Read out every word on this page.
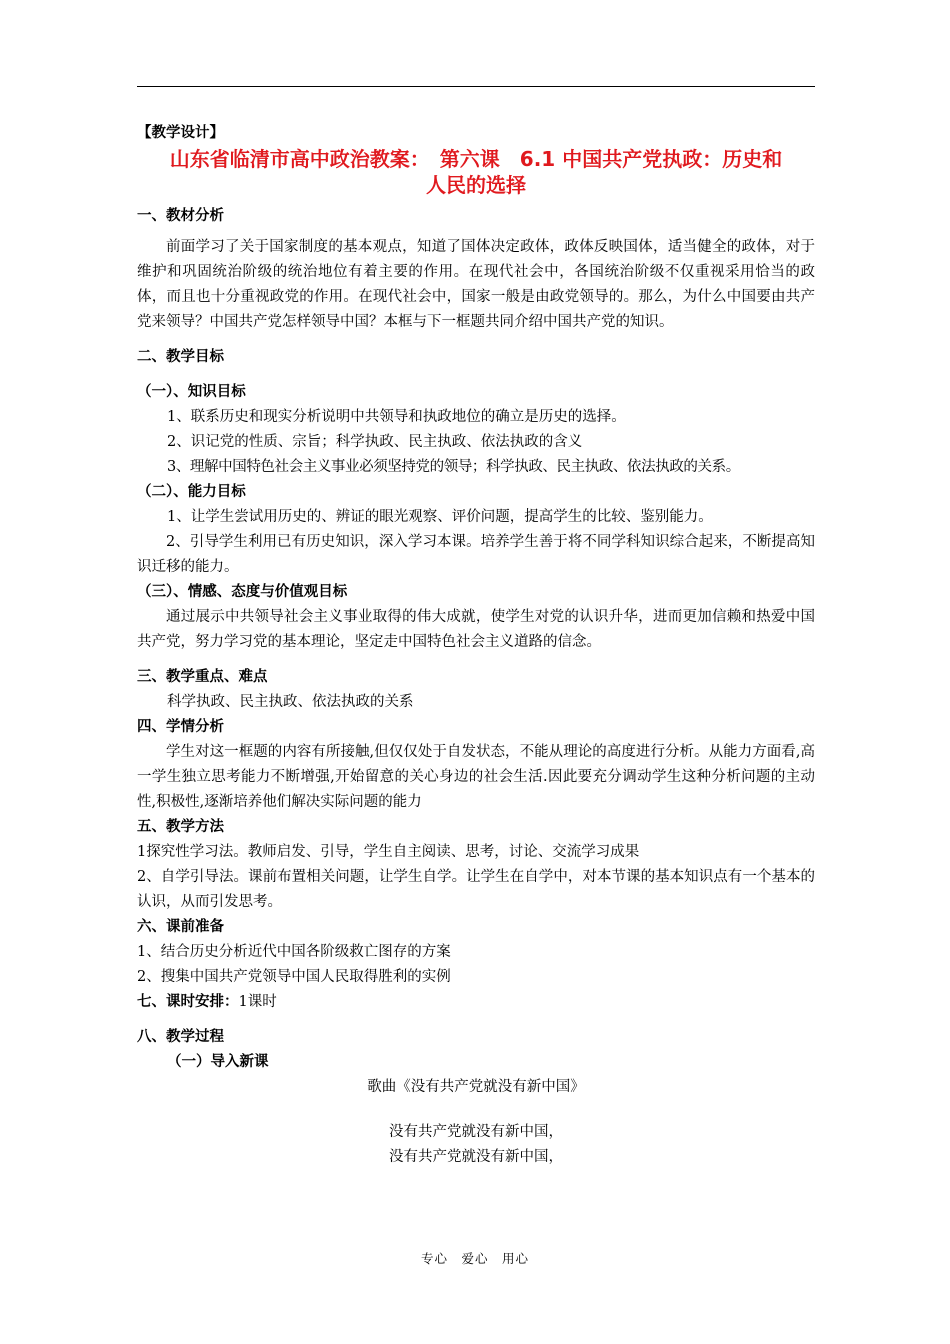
【教学设计】
山东省临清市高中政治教案：　第六课　6.1 中国共产党执政：历史和
人民的选择
一、教材分析
前面学习了关于国家制度的基本观点，知道了国体决定政体，政体反映国体，适当健全的政体，对于维护和巩固统治阶级的统治地位有着主要的作用。在现代社会中，各国统治阶级不仅重视采用恰当的政体，而且也十分重视政党的作用。在现代社会中，国家一般是由政党领导的。那么，为什么中国要由共产党来领导？中国共产党怎样领导中国？本框与下一框题共同介绍中国共产党的知识。
二、教学目标
（一）、知识目标
1、联系历史和现实分析说明中共领导和执政地位的确立是历史的选择。
2、识记党的性质、宗旨；科学执政、民主执政、依法执政的含义
3、理解中国特色社会主义事业必须坚持党的领导；科学执政、民主执政、依法执政的关系。
（二）、能力目标
1、让学生尝试用历史的、辨证的眼光观察、评价问题，提高学生的比较、鉴别能力。
2、引导学生利用已有历史知识，深入学习本课。培养学生善于将不同学科知识综合起来，不断提高知识迁移的能力。
（三）、情感、态度与价值观目标
通过展示中共领导社会主义事业取得的伟大成就，使学生对党的认识升华，进而更加信赖和热爱中国共产党，努力学习党的基本理论，坚定走中国特色社会主义道路的信念。
三、教学重点、难点
科学执政、民主执政、依法执政的关系
四、学情分析
学生对这一框题的内容有所接触,但仅仅处于自发状态，不能从理论的高度进行分析。从能力方面看,高一学生独立思考能力不断增强,开始留意的关心身边的社会生活.因此要充分调动学生这种分析问题的主动性,积极性,逐渐培养他们解决实际问题的能力
五、教学方法
1探究性学习法。教师启发、引导，学生自主阅读、思考，讨论、交流学习成果
2、自学引导法。课前布置相关问题，让学生自学。让学生在自学中，对本节课的基本知识点有一个基本的认识，从而引发思考。
六、课前准备
1、结合历史分析近代中国各阶级救亡图存的方案
2、搜集中国共产党领导中国人民取得胜利的实例
七、课时安排：1课时
八、教学过程
（一）导入新课
歌曲《没有共产党就没有新中国》
没有共产党就没有新中国，
没有共产党就没有新中国，
专心　爱心　用心
